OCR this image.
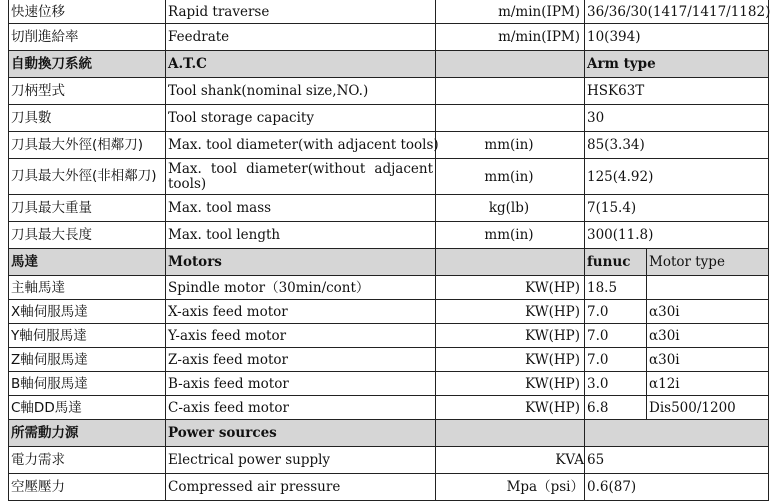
快速位移	Rapid traverse	m/min(IPM)	36/36/30(1417/1417/1182)	
切削進給率	Feedrate	m/min(IPM)	10(394)	
自動換刀系統	A.T.C		Arm type	
刀柄型式	Tool shank(nominal size,NO.)		HSK63T	
刀具數	Tool storage capacity		30	
刀具最大外徑(相鄰刀)	Max. tool diameter(with adjacent tools)	mm(in)	85(3.34)	
刀具最大外徑(非相鄰刀)	Max. tool diameter(without adjacent tools)	mm(in)	125(4.92)	
刀具最大重量	Max. tool mass	kg(lb)	7(15.4)	
刀具最大長度	Max. tool length	mm(in)	300(11.8)	
馬達	Motors		funuc	Motor type
主軸馬達	Spindle motor（30min/cont）	KW(HP)	18.5	
X軸伺服馬達	X-axis feed motor	KW(HP)	7.0	α30i
Y軸伺服馬達	Y-axis feed motor	KW(HP)	7.0	α30i
Z軸伺服馬達	Z-axis feed motor	KW(HP)	7.0	α30i
B軸伺服馬達	B-axis feed motor	KW(HP)	3.0	α12i
C軸DD馬達	C-axis feed motor	KW(HP)	6.8	Dis500/1200
所需動力源	Power sources			
電力需求	Electrical power supply	KVA	65	
空壓壓力	Compressed air pressure	Mpa（psi）	0.6(87)	
